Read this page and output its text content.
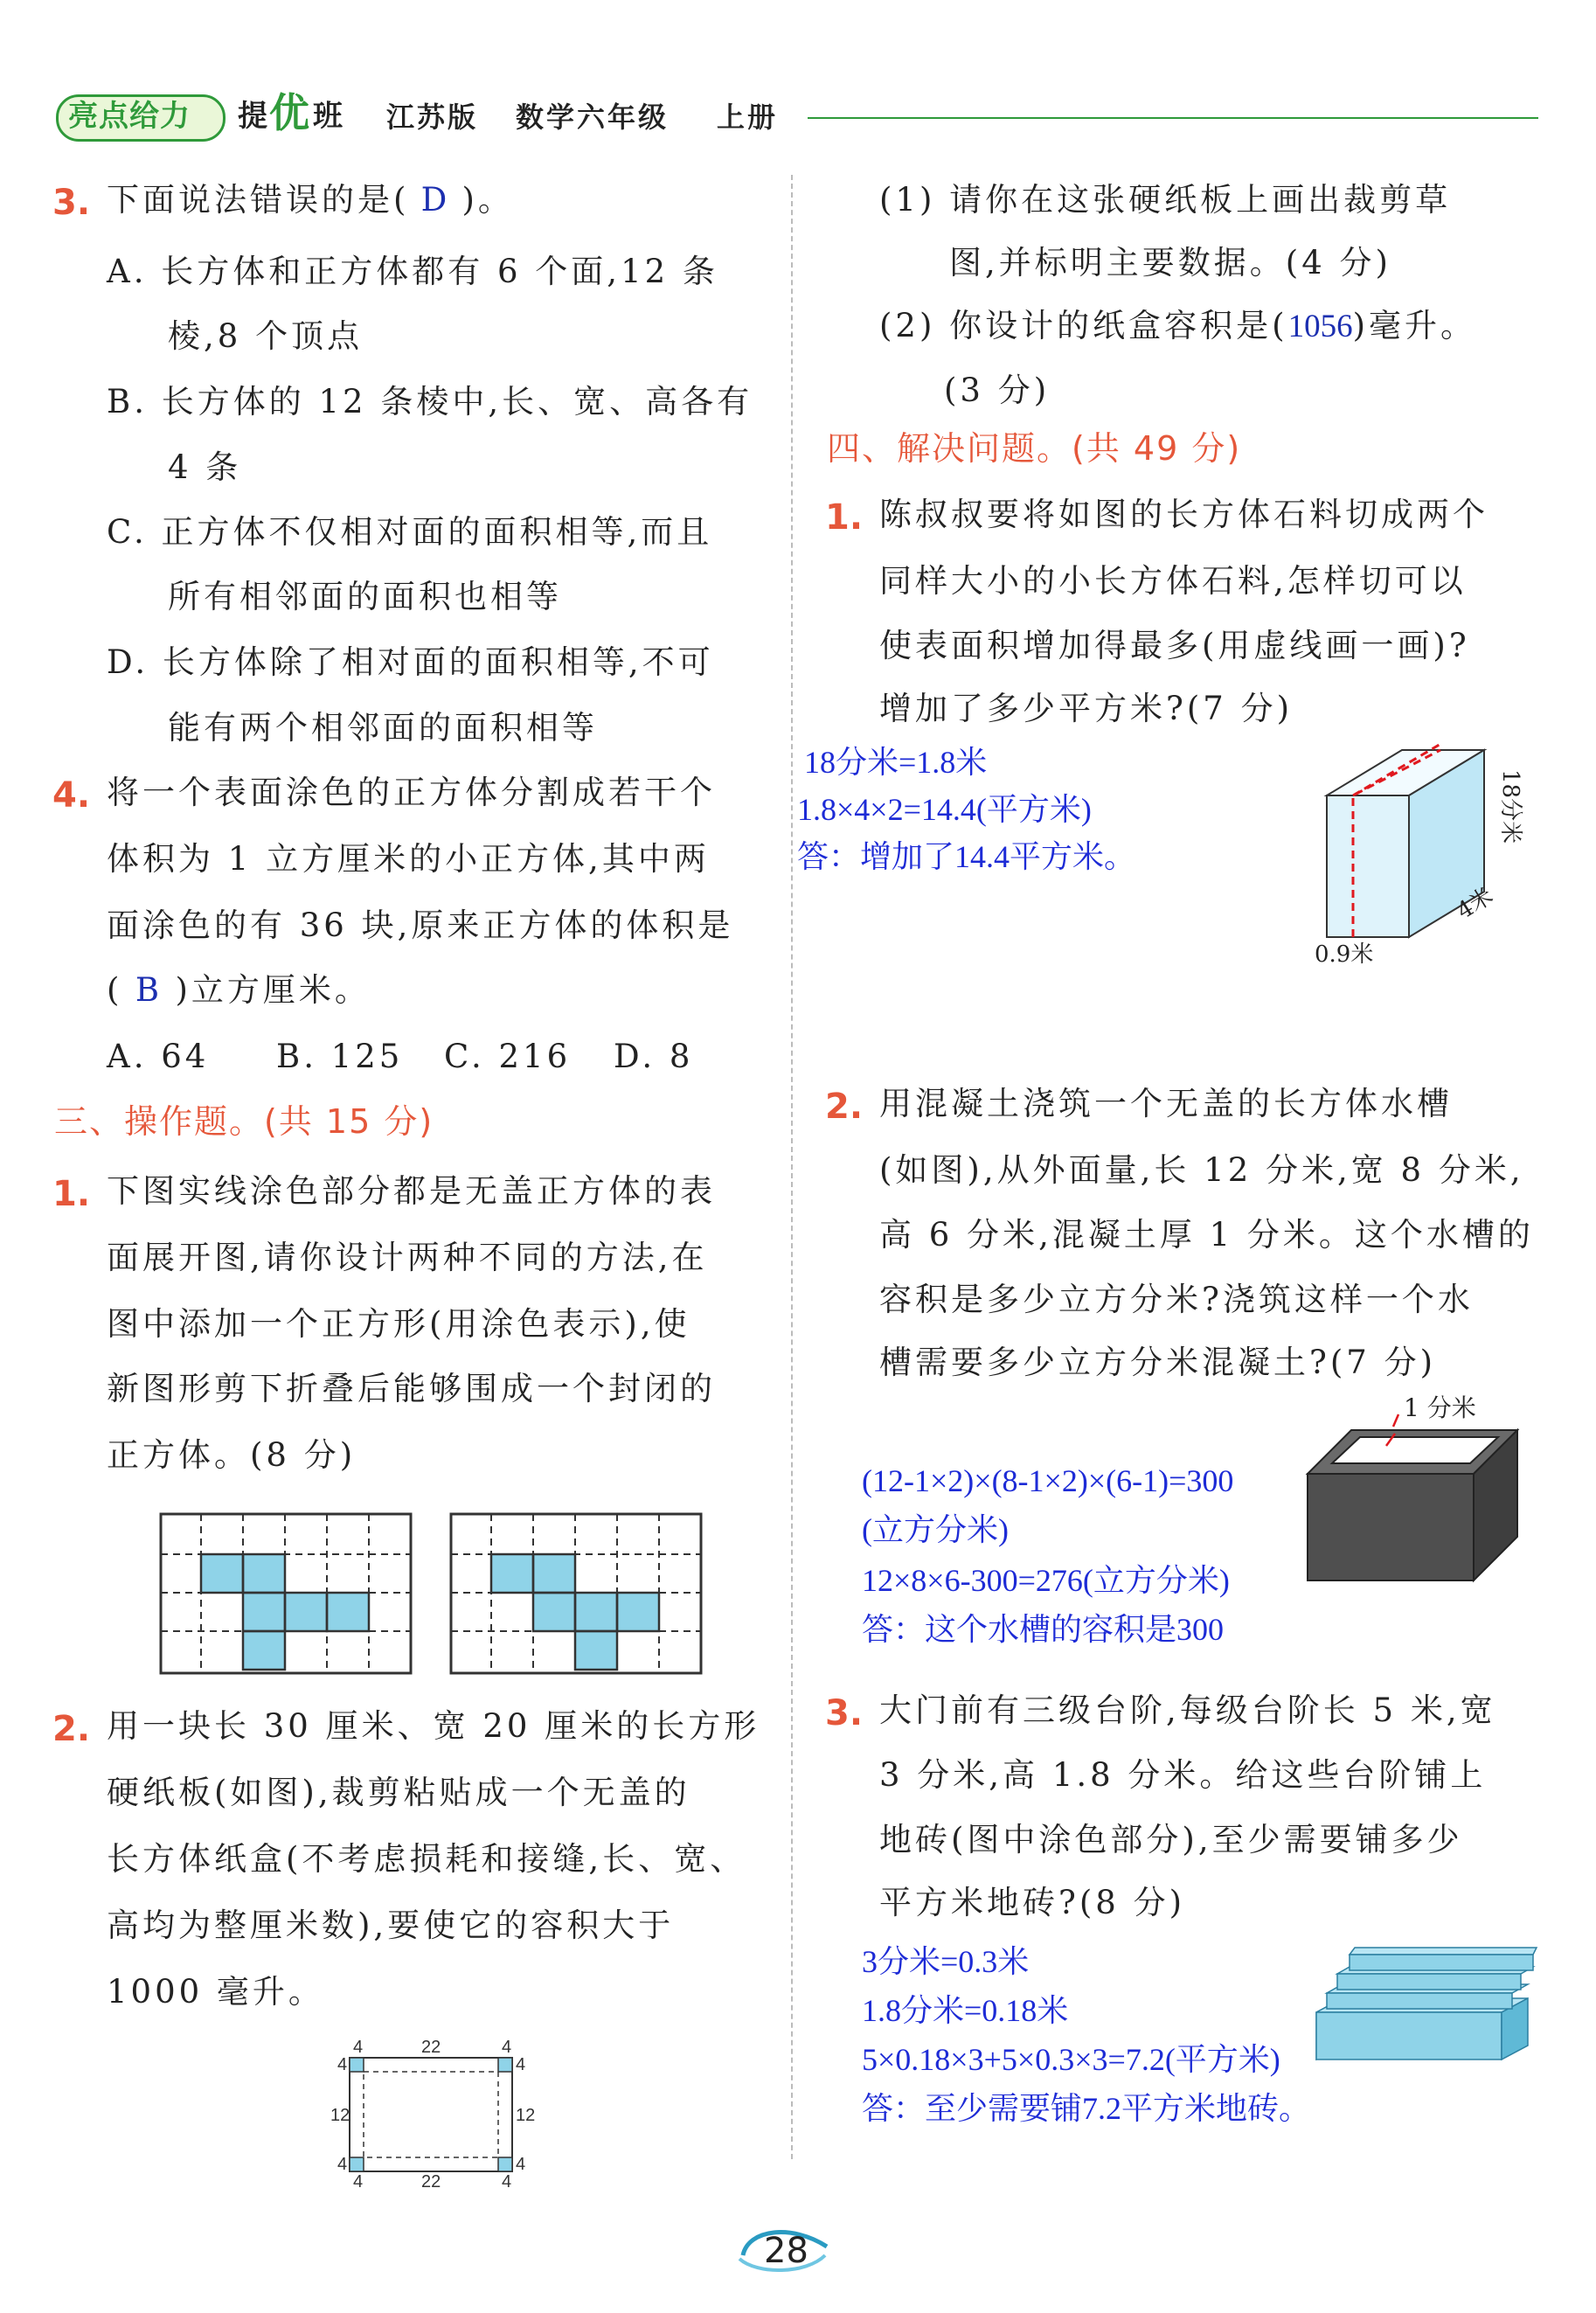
亮点给力 提 优 班 江苏版 数学六年级 上册
3. 下面说法错误的是( D )。
A. 长方体和正方体都有 6 个面,12 条
棱,8 个顶点
B. 长方体的 12 条棱中,长、宽、高各有
4 条
C. 正方体不仅相对面的面积相等,而且
所有相邻面的面积也相等
D. 长方体除了相对面的面积相等,不可
能有两个相邻面的面积相等
4. 将一个表面涂色的正方体分割成若干个
体积为 1 立方厘米的小正方体,其中两
面涂色的有 36 块,原来正方体的体积是
( B )立方厘米。
A. 64 B. 125 C. 216 D. 8
三、操作题。(共 15 分)
1. 下图实线涂色部分都是无盖正方体的表
面展开图,请你设计两种不同的方法,在
图中添加一个正方形(用涂色表示),使
新图形剪下折叠后能够围成一个封闭的
正方体。(8 分)
2. 用一块长 30 厘米、宽 20 厘米的长方形
硬纸板(如图),裁剪粘贴成一个无盖的
长方体纸盒(不考虑损耗和接缝,长、宽、
高均为整厘米数),要使它的容积大于
1000 毫升。
4	22	4
4	22	4
4
12
4
4
12
4
(1) 请你在这张硬纸板上画出裁剪草
图,并标明主要数据。(4 分)
(2) 你设计的纸盒容积是(1056)毫升。
(3 分)
四、解决问题。(共 49 分)
1. 陈叔叔要将如图的长方体石料切成两个
同样大小的小长方体石料,怎样切可以
使表面积增加得最多(用虚线画一画)?
增加了多少平方米?(7 分)
18分米=1.8米
1.8×4×2=14.4(平方米)
答：增加了14.4平方米。
18分米
4米
0.9米
2. 用混凝土浇筑一个无盖的长方体水槽
(如图),从外面量,长 12 分米,宽 8 分米,
高 6 分米,混凝土厚 1 分米。这个水槽的
容积是多少立方分米?浇筑这样一个水
槽需要多少立方分米混凝土?(7 分)
(12-1×2)×(8-1×2)×(6-1)=300
(立方分米)
12×8×6-300=276(立方分米)
答：这个水槽的容积是300
1 分米
3. 大门前有三级台阶,每级台阶长 5 米,宽
3 分米,高 1.8 分米。给这些台阶铺上
地砖(图中涂色部分),至少需要铺多少
平方米地砖?(8 分)
3分米=0.3米
1.8分米=0.18米
5×0.18×3+5×0.3×3=7.2(平方米)
答：至少需要铺7.2平方米地砖。
28
